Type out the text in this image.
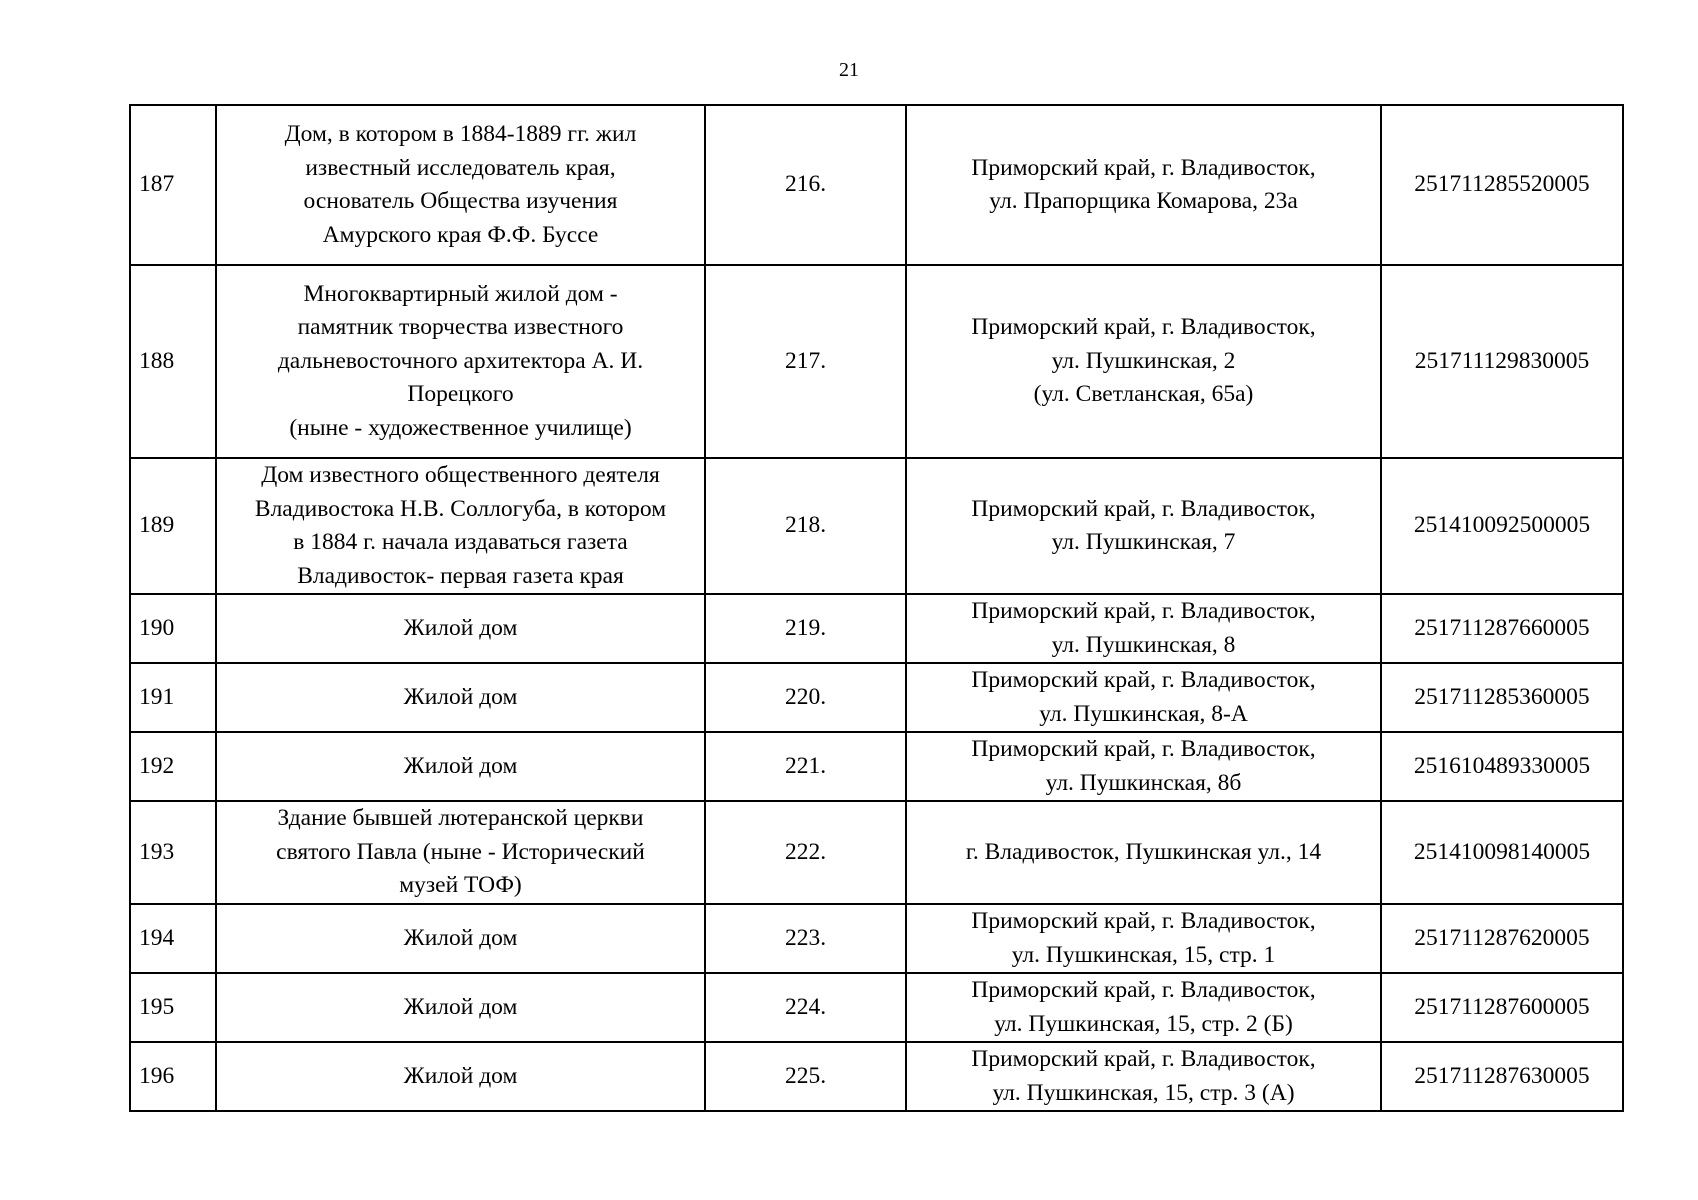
21
187	Дом, в котором в 1884-1889 гг. жил
известный исследователь края,
основатель Общества изучения
Амурского края Ф.Ф. Буссе	216.	Приморский край, г. Владивосток,
ул. Прапорщика Комарова, 23а	251711285520005
188	Многоквартирный жилой дом -
памятник творчества известного
дальневосточного архитектора А. И.
Порецкого
(ныне - художественное училище)	217.	Приморский край, г. Владивосток,
ул. Пушкинская, 2
(ул. Светланская, 65а)	251711129830005
189	Дом известного общественного деятеля
Владивостока Н.В. Соллогуба, в котором
в 1884 г. начала издаваться газета
Владивосток- первая газета края	218.	Приморский край, г. Владивосток,
ул. Пушкинская, 7	251410092500005
190	Жилой дом	219.	Приморский край, г. Владивосток,
ул. Пушкинская, 8	251711287660005
191	Жилой дом	220.	Приморский край, г. Владивосток,
ул. Пушкинская, 8-А	251711285360005
192	Жилой дом	221.	Приморский край, г. Владивосток,
ул. Пушкинская, 8б	251610489330005
193	Здание бывшей лютеранской церкви
святого Павла (ныне - Исторический
музей ТОФ)	222.	г. Владивосток, Пушкинская ул., 14	251410098140005
194	Жилой дом	223.	Приморский край, г. Владивосток,
ул. Пушкинская, 15, стр. 1	251711287620005
195	Жилой дом	224.	Приморский край, г. Владивосток,
ул. Пушкинская, 15, стр. 2 (Б)	251711287600005
196	Жилой дом	225.	Приморский край, г. Владивосток,
ул. Пушкинская, 15, стр. 3 (А)	251711287630005
